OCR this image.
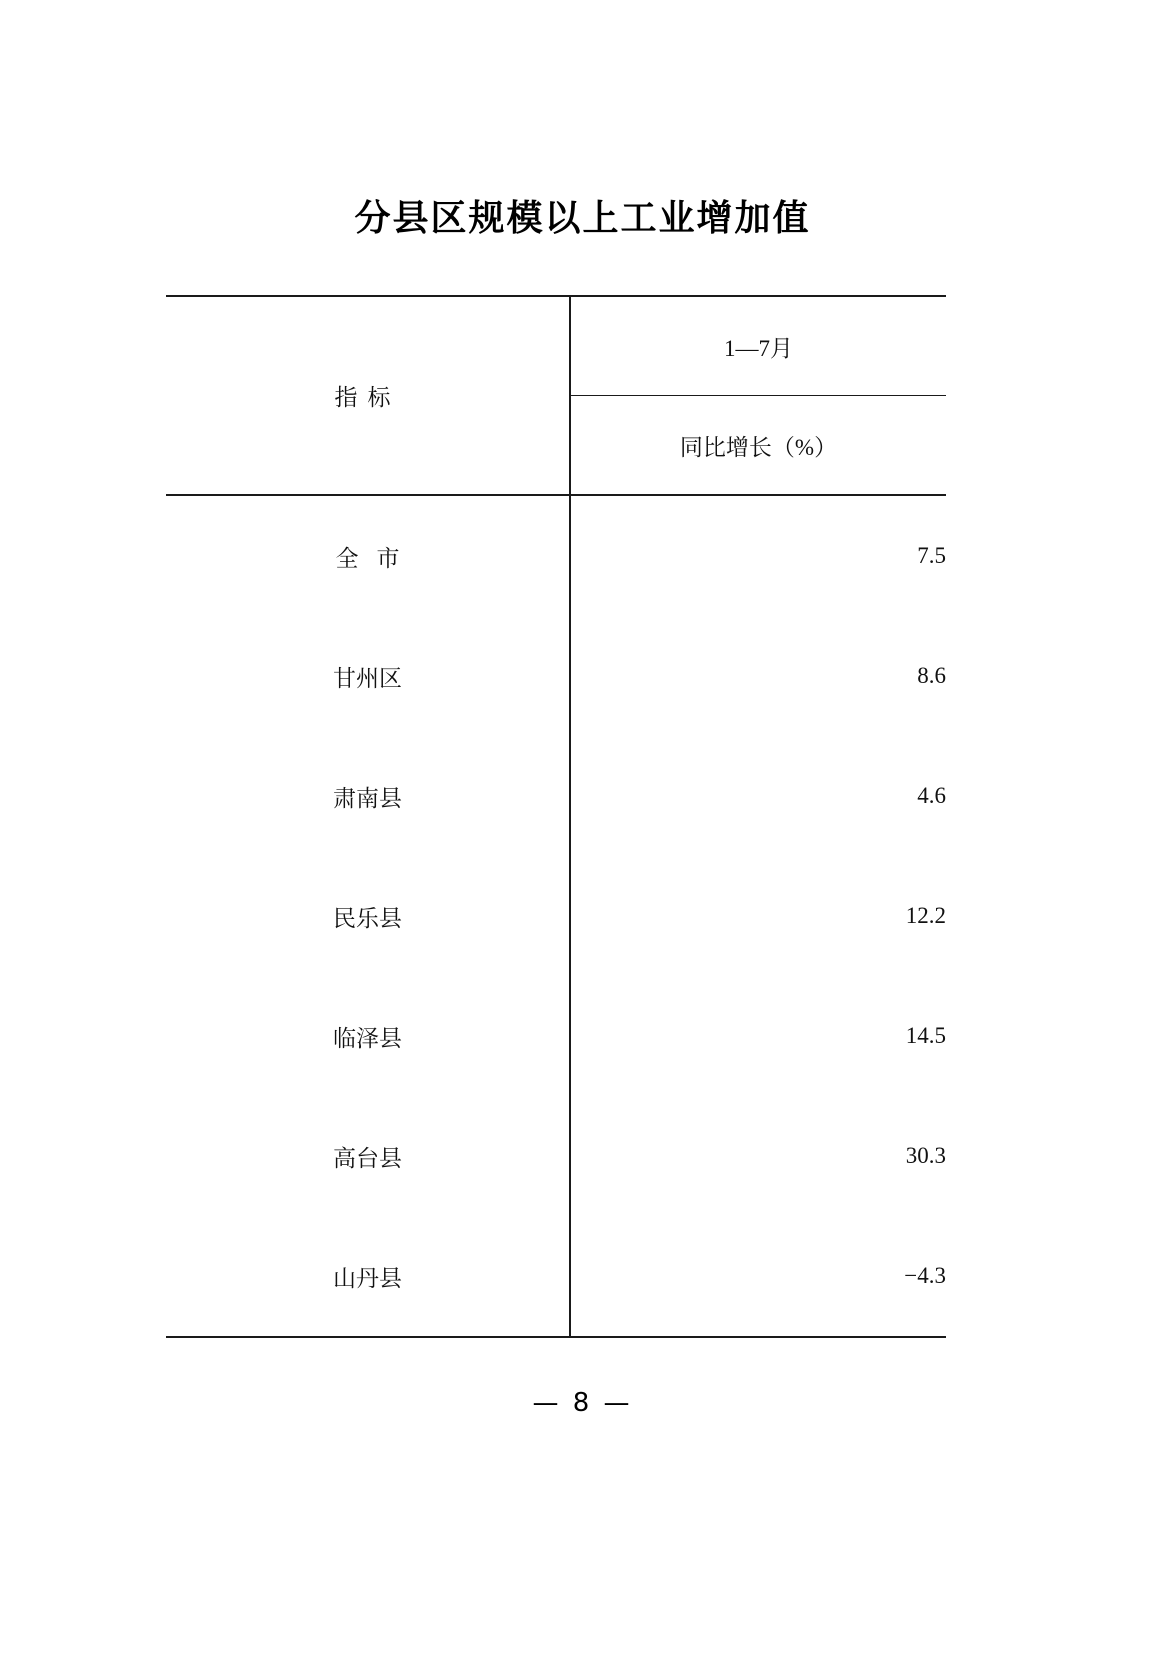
分县区规模以上工业增加值
指标	1—7月
	同比增长（%）
全市	7.5
甘州区	8.6
肃南县	4.6
民乐县	12.2
临泽县	14.5
高台县	30.3
山丹县	−4.3
— 8 —
